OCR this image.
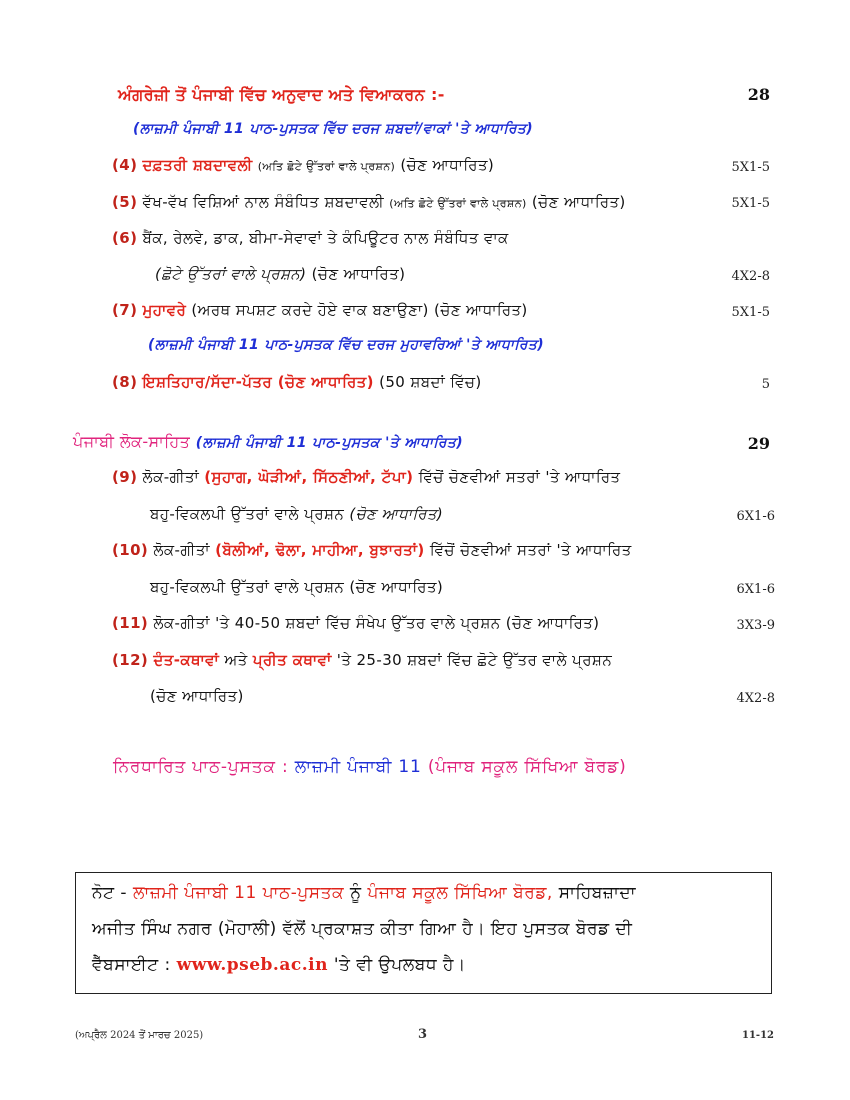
ਅੰਗਰੇਜ਼ੀ ਤੋਂ ਪੰਜਾਬੀ ਵਿੱਚ ਅਨੁਵਾਦ ਅਤੇ ਵਿਆਕਰਨ :-	28
(ਲਾਜ਼ਮੀ ਪੰਜਾਬੀ 11 ਪਾਠ-ਪੁਸਤਕ ਵਿੱਚ ਦਰਜ ਸ਼ਬਦਾਂ/ਵਾਕਾਂ 'ਤੇ ਆਧਾਰਿਤ)
(4) ਦਫ਼ਤਰੀ ਸ਼ਬਦਾਵਲੀ (ਅਤਿ ਛੋਟੇ ਉੱਤਰਾਂ ਵਾਲੇ ਪ੍ਰਸ਼ਨ) (ਚੋਣ ਆਧਾਰਿਤ)	5X1-5
(5) ਵੱਖ-ਵੱਖ ਵਿਸ਼ਿਆਂ ਨਾਲ ਸੰਬੰਧਿਤ ਸ਼ਬਦਾਵਲੀ (ਅਤਿ ਛੋਟੇ ਉੱਤਰਾਂ ਵਾਲੇ ਪ੍ਰਸ਼ਨ) (ਚੋਣ ਆਧਾਰਿਤ)	5X1-5
(6) ਬੈਂਕ, ਰੇਲਵੇ, ਡਾਕ, ਬੀਮਾ-ਸੇਵਾਵਾਂ ਤੇ ਕੰਪਿਊਟਰ ਨਾਲ ਸੰਬੰਧਿਤ ਵਾਕ
(ਛੋਟੇ ਉੱਤਰਾਂ ਵਾਲੇ ਪ੍ਰਸ਼ਨ) (ਚੋਣ ਆਧਾਰਿਤ)	4X2-8
(7) ਮੁਹਾਵਰੇ (ਅਰਥ ਸਪਸ਼ਟ ਕਰਦੇ ਹੋਏ ਵਾਕ ਬਣਾਉਣਾ) (ਚੋਣ ਆਧਾਰਿਤ)	5X1-5
(ਲਾਜ਼ਮੀ ਪੰਜਾਬੀ 11 ਪਾਠ-ਪੁਸਤਕ ਵਿੱਚ ਦਰਜ ਮੁਹਾਵਰਿਆਂ 'ਤੇ ਆਧਾਰਿਤ)
(8) ਇਸ਼ਤਿਹਾਰ/ਸੱਦਾ-ਪੱਤਰ (ਚੋਣ ਆਧਾਰਿਤ) (50 ਸ਼ਬਦਾਂ ਵਿੱਚ)	5
ਪੰਜਾਬੀ ਲੋਕ-ਸਾਹਿਤ (ਲਾਜ਼ਮੀ ਪੰਜਾਬੀ 11 ਪਾਠ-ਪੁਸਤਕ 'ਤੇ ਆਧਾਰਿਤ)	29
(9) ਲੋਕ-ਗੀਤਾਂ (ਸੁਹਾਗ, ਘੋੜੀਆਂ, ਸਿੱਠਣੀਆਂ, ਟੱਪਾ) ਵਿੱਚੋਂ ਚੋਣਵੀਆਂ ਸਤਰਾਂ 'ਤੇ ਆਧਾਰਿਤ
ਬਹੁ-ਵਿਕਲਪੀ ਉੱਤਰਾਂ ਵਾਲੇ ਪ੍ਰਸ਼ਨ (ਚੋਣ ਆਧਾਰਿਤ)	6X1-6
(10) ਲੋਕ-ਗੀਤਾਂ (ਬੋਲੀਆਂ, ਢੋਲਾ, ਮਾਹੀਆ, ਬੁਝਾਰਤਾਂ) ਵਿੱਚੋਂ ਚੋਣਵੀਆਂ ਸਤਰਾਂ 'ਤੇ ਆਧਾਰਿਤ
ਬਹੁ-ਵਿਕਲਪੀ ਉੱਤਰਾਂ ਵਾਲੇ ਪ੍ਰਸ਼ਨ (ਚੋਣ ਆਧਾਰਿਤ)	6X1-6
(11) ਲੋਕ-ਗੀਤਾਂ 'ਤੇ 40-50 ਸ਼ਬਦਾਂ ਵਿੱਚ ਸੰਖੇਪ ਉੱਤਰ ਵਾਲੇ ਪ੍ਰਸ਼ਨ (ਚੋਣ ਆਧਾਰਿਤ)	3X3-9
(12) ਦੰਤ-ਕਥਾਵਾਂ ਅਤੇ ਪ੍ਰੀਤ ਕਥਾਵਾਂ 'ਤੇ 25-30 ਸ਼ਬਦਾਂ ਵਿੱਚ ਛੋਟੇ ਉੱਤਰ ਵਾਲੇ ਪ੍ਰਸ਼ਨ
(ਚੋਣ ਆਧਾਰਿਤ)	4X2-8
ਨਿਰਧਾਰਿਤ ਪਾਠ-ਪੁਸਤਕ : ਲਾਜ਼ਮੀ ਪੰਜਾਬੀ 11 (ਪੰਜਾਬ ਸਕੂਲ ਸਿੱਖਿਆ ਬੋਰਡ)
ਨੋਟ - ਲਾਜ਼ਮੀ ਪੰਜਾਬੀ 11 ਪਾਠ-ਪੁਸਤਕ ਨੂੰ ਪੰਜਾਬ ਸਕੂਲ ਸਿੱਖਿਆ ਬੋਰਡ, ਸਾਹਿਬਜ਼ਾਦਾ
ਅਜੀਤ ਸਿੰਘ ਨਗਰ (ਮੋਹਾਲੀ) ਵੱਲੋਂ ਪ੍ਰਕਾਸ਼ਤ ਕੀਤਾ ਗਿਆ ਹੈ। ਇਹ ਪੁਸਤਕ ਬੋਰਡ ਦੀ
ਵੈੱਬਸਾਈਟ : www.pseb.ac.in 'ਤੇ ਵੀ ਉਪਲਬਧ ਹੈ।
(ਅਪ੍ਰੈਲ 2024 ਤੋਂ ਮਾਰਚ 2025)	3	11-12
